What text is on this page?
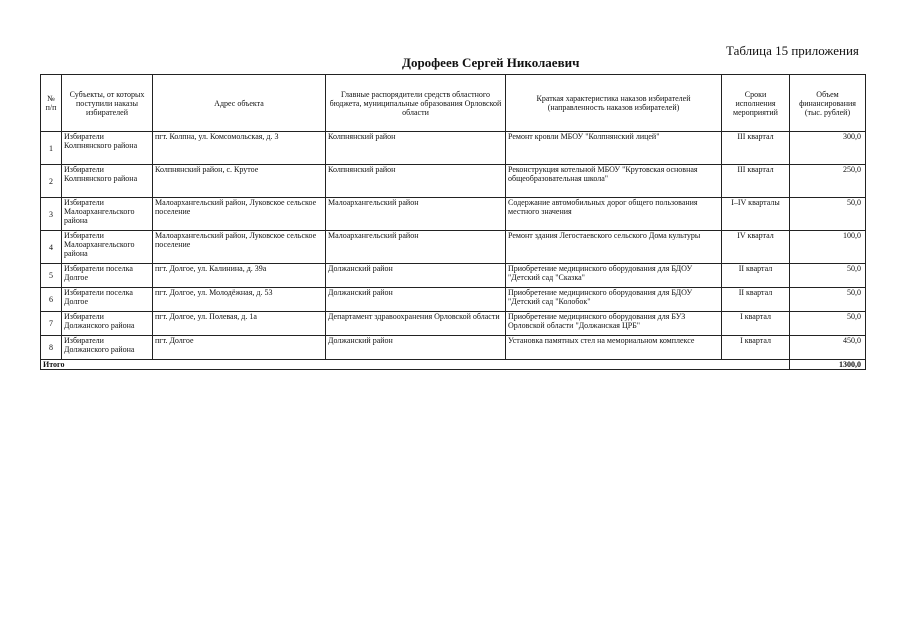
Таблица 15 приложения
Дорофеев Сергей Николаевич
№ п/п	Субъекты, от которых поступили наказы избирателей	Адрес объекта	Главные распорядители средств областного бюджета, муниципальные образования Орловской области	Краткая характеристика наказов избирателей (направленность наказов избирателей)	Сроки исполнения мероприятий	Объем финансирования (тыс. рублей)
1	Избиратели Колпнянского района	пгт. Колпна, ул. Комсомольская, д. 3	Колпнянский район	Ремонт кровли МБОУ "Колпнянский лицей"	III квартал	300,0
2	Избиратели Колпнянского района	Колпнянский район, с. Крутое	Колпнянский район	Реконструкция котельной МБОУ "Крутовская основная общеобразовательная школа"	III квартал	250,0
3	Избиратели Малоархангельского района	Малоархангельский район, Луковское сельское поселение	Малоархангельский район	Содержание автомобильных дорог общего пользования местного значения	I–IV кварталы	50,0
4	Избиратели Малоархангельского района	Малоархангельский район, Луковское сельское поселение	Малоархангельский район	Ремонт здания Легостаевского сельского Дома культуры	IV квартал	100,0
5	Избиратели поселка Долгое	пгт. Долгое, ул. Калинина, д. 39а	Должанский район	Приобретение медицинского оборудования для БДОУ "Детский сад "Сказка"	II квартал	50,0
6	Избиратели поселка Долгое	пгт. Долгое, ул. Молодёжная, д. 53	Должанский район	Приобретение медицинского оборудования для БДОУ "Детский сад "Колобок"	II квартал	50,0
7	Избиратели Должанского района	пгт. Долгое, ул. Полевая, д. 1а	Департамент здравоохранения Орловской области	Приобретение медицинского оборудования для БУЗ Орловской области "Должанская ЦРБ"	I квартал	50,0
8	Избиратели Должанского района	пгт. Долгое	Должанский район	Установка памятных стел на мемориальном комплексе	I квартал	450,0
Итого						1300,0
